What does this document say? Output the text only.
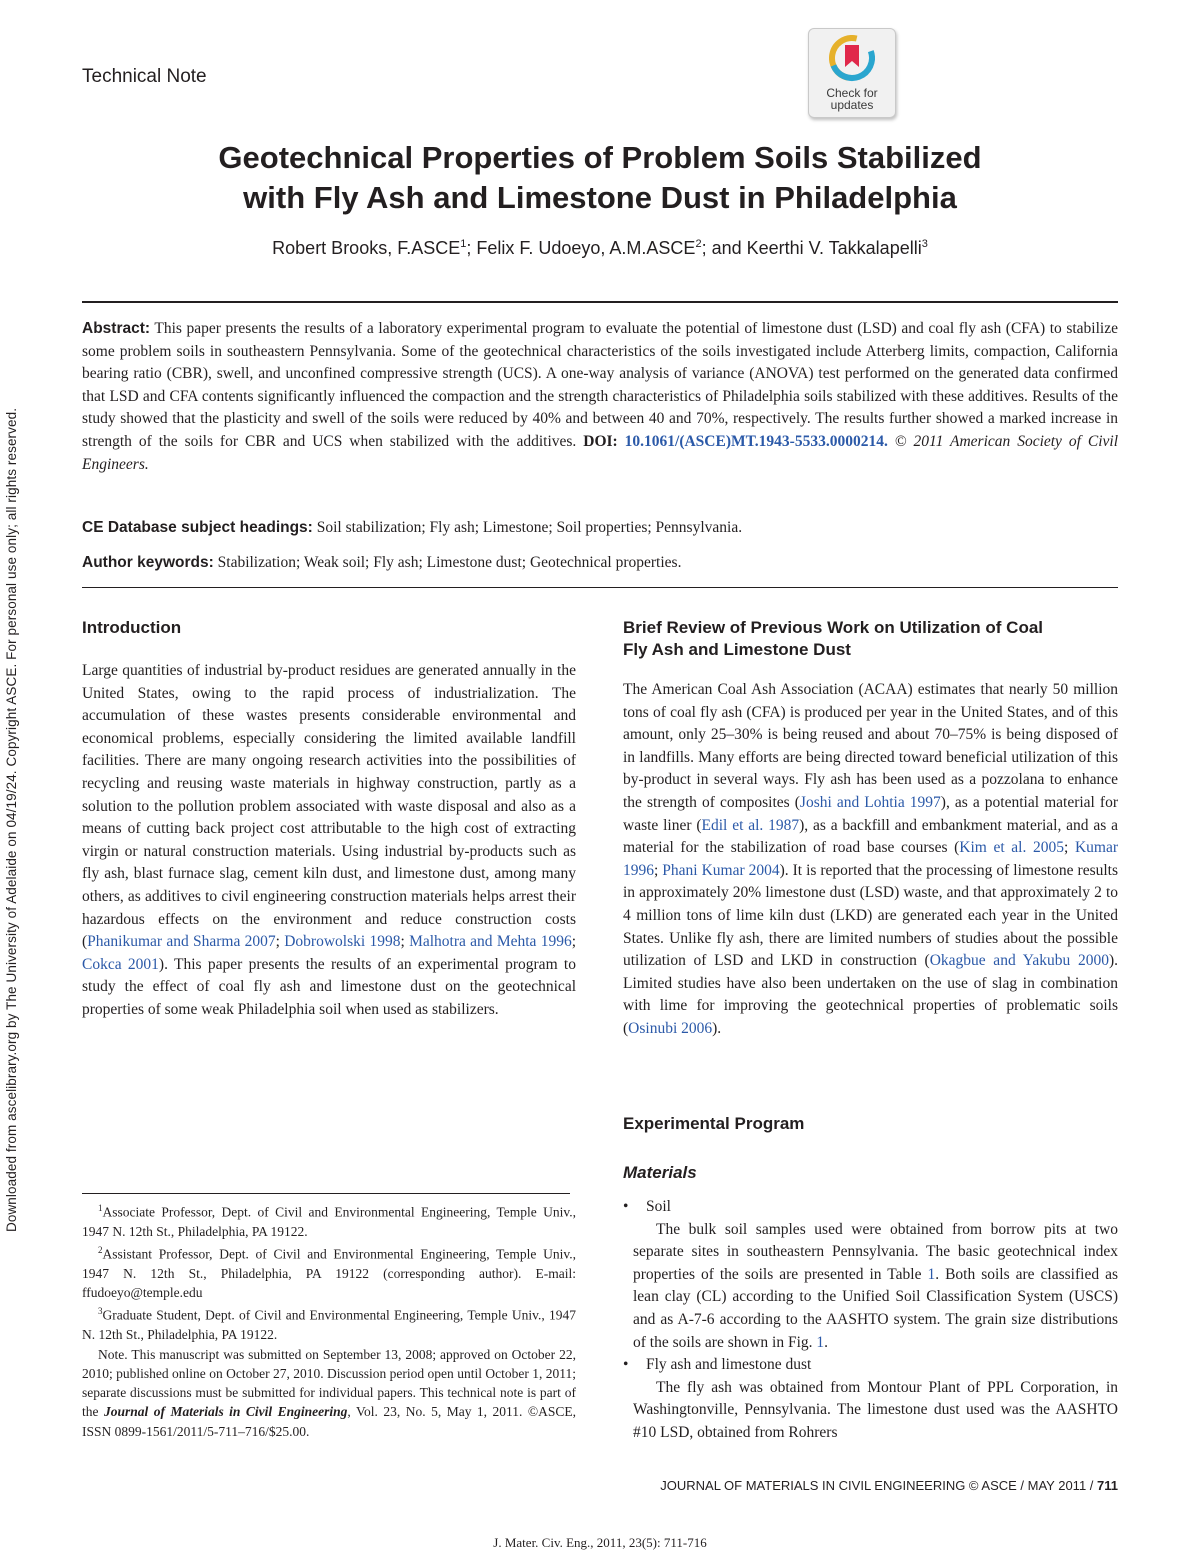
Downloaded from ascelibrary.org by The University of Adelaide on 04/19/24. Copyright ASCE. For personal use only; all rights reserved.
Technical Note
Check for
updates
Geotechnical Properties of Problem Soils Stabilized
with Fly Ash and Limestone Dust in Philadelphia
Robert Brooks, F.ASCE$^1$; Felix F. Udoeyo, A.M.ASCE$^2$; and Keerthi V. Takkalapelli$^3$
Abstract: This paper presents the results of a laboratory experimental program to evaluate the potential of limestone dust (LSD) and coal fly ash (CFA) to stabilize some problem soils in southeastern Pennsylvania. Some of the geotechnical characteristics of the soils investigated include Atterberg limits, compaction, California bearing ratio (CBR), swell, and unconfined compressive strength (UCS). A one-way analysis of variance (ANOVA) test performed on the generated data confirmed that LSD and CFA contents significantly influenced the compaction and the strength characteristics of Philadelphia soils stabilized with these additives. Results of the study showed that the plasticity and swell of the soils were reduced by 40% and between 40 and 70%, respectively. The results further showed a marked increase in strength of the soils for CBR and UCS when stabilized with the additives. DOI: 10.1061/(ASCE)MT.1943-5533.0000214. © 2011 American Society of Civil Engineers.
CE Database subject headings: Soil stabilization; Fly ash; Limestone; Soil properties; Pennsylvania.
Author keywords: Stabilization; Weak soil; Fly ash; Limestone dust; Geotechnical properties.
Introduction
Large quantities of industrial by-product residues are generated annually in the United States, owing to the rapid process of industrialization. The accumulation of these wastes presents considerable environmental and economical problems, especially considering the limited available landfill facilities. There are many ongoing research activities into the possibilities of recycling and reusing waste materials in highway construction, partly as a solution to the pollution problem associated with waste disposal and also as a means of cutting back project cost attributable to the high cost of extracting virgin or natural construction materials. Using industrial by-products such as fly ash, blast furnace slag, cement kiln dust, and limestone dust, among many others, as additives to civil engineering construction materials helps arrest their hazardous effects on the environment and reduce construction costs (Phanikumar and Sharma 2007; Dobrowolski 1998; Malhotra and Mehta 1996; Cokca 2001). This paper presents the results of an experimental program to study the effect of coal fly ash and limestone dust on the geotechnical properties of some weak Philadelphia soil when used as stabilizers.
Brief Review of Previous Work on Utilization of Coal
Fly Ash and Limestone Dust
The American Coal Ash Association (ACAA) estimates that nearly 50 million tons of coal fly ash (CFA) is produced per year in the United States, and of this amount, only 25–30% is being reused and about 70–75% is being disposed of in landfills. Many efforts are being directed toward beneficial utilization of this by-product in several ways. Fly ash has been used as a pozzolana to enhance the strength of composites (Joshi and Lohtia 1997), as a potential material for waste liner (Edil et al. 1987), as a backfill and embankment material, and as a material for the stabilization of road base courses (Kim et al. 2005; Kumar 1996; Phani Kumar 2004). It is reported that the processing of limestone results in approximately 20% limestone dust (LSD) waste, and that approximately 2 to 4 million tons of lime kiln dust (LKD) are generated each year in the United States. Unlike fly ash, there are limited numbers of studies about the possible utilization of LSD and LKD in construction (Okagbue and Yakubu 2000). Limited studies have also been undertaken on the use of slag in combination with lime for improving the geotechnical properties of problematic soils (Osinubi 2006).
Experimental Program
Materials
• Soil
The bulk soil samples used were obtained from borrow pits at two separate sites in southeastern Pennsylvania. The basic geotechnical index properties of the soils are presented in Table 1. Both soils are classified as lean clay (CL) according to the Unified Soil Classification System (USCS) and as A-7-6 according to the AASHTO system. The grain size distributions of the soils are shown in Fig. 1.
• Fly ash and limestone dust
The fly ash was obtained from Montour Plant of PPL Corporation, in Washingtonville, Pennsylvania. The limestone dust used was the AASHTO #10 LSD, obtained from Rohrers

$^1$Associate Professor, Dept. of Civil and Environmental Engineering, Temple Univ., 1947 N. 12th St., Philadelphia, PA 19122.

$^2$Assistant Professor, Dept. of Civil and Environmental Engineering, Temple Univ., 1947 N. 12th St., Philadelphia, PA 19122 (corresponding author). E-mail: ffudoeyo@temple.edu

$^3$Graduate Student, Dept. of Civil and Environmental Engineering, Temple Univ., 1947 N. 12th St., Philadelphia, PA 19122.

Note. This manuscript was submitted on September 13, 2008; approved on October 22, 2010; published online on October 27, 2010. Discussion period open until October 1, 2011; separate discussions must be submitted for individual papers. This technical note is part of the Journal of Materials in Civil Engineering, Vol. 23, No. 5, May 1, 2011. ©ASCE, ISSN 0899-1561/2011/5-711–716/$25.00.

JOURNAL OF MATERIALS IN CIVIL ENGINEERING © ASCE / MAY 2011 / 711
J. Mater. Civ. Eng., 2011, 23(5): 711-716
